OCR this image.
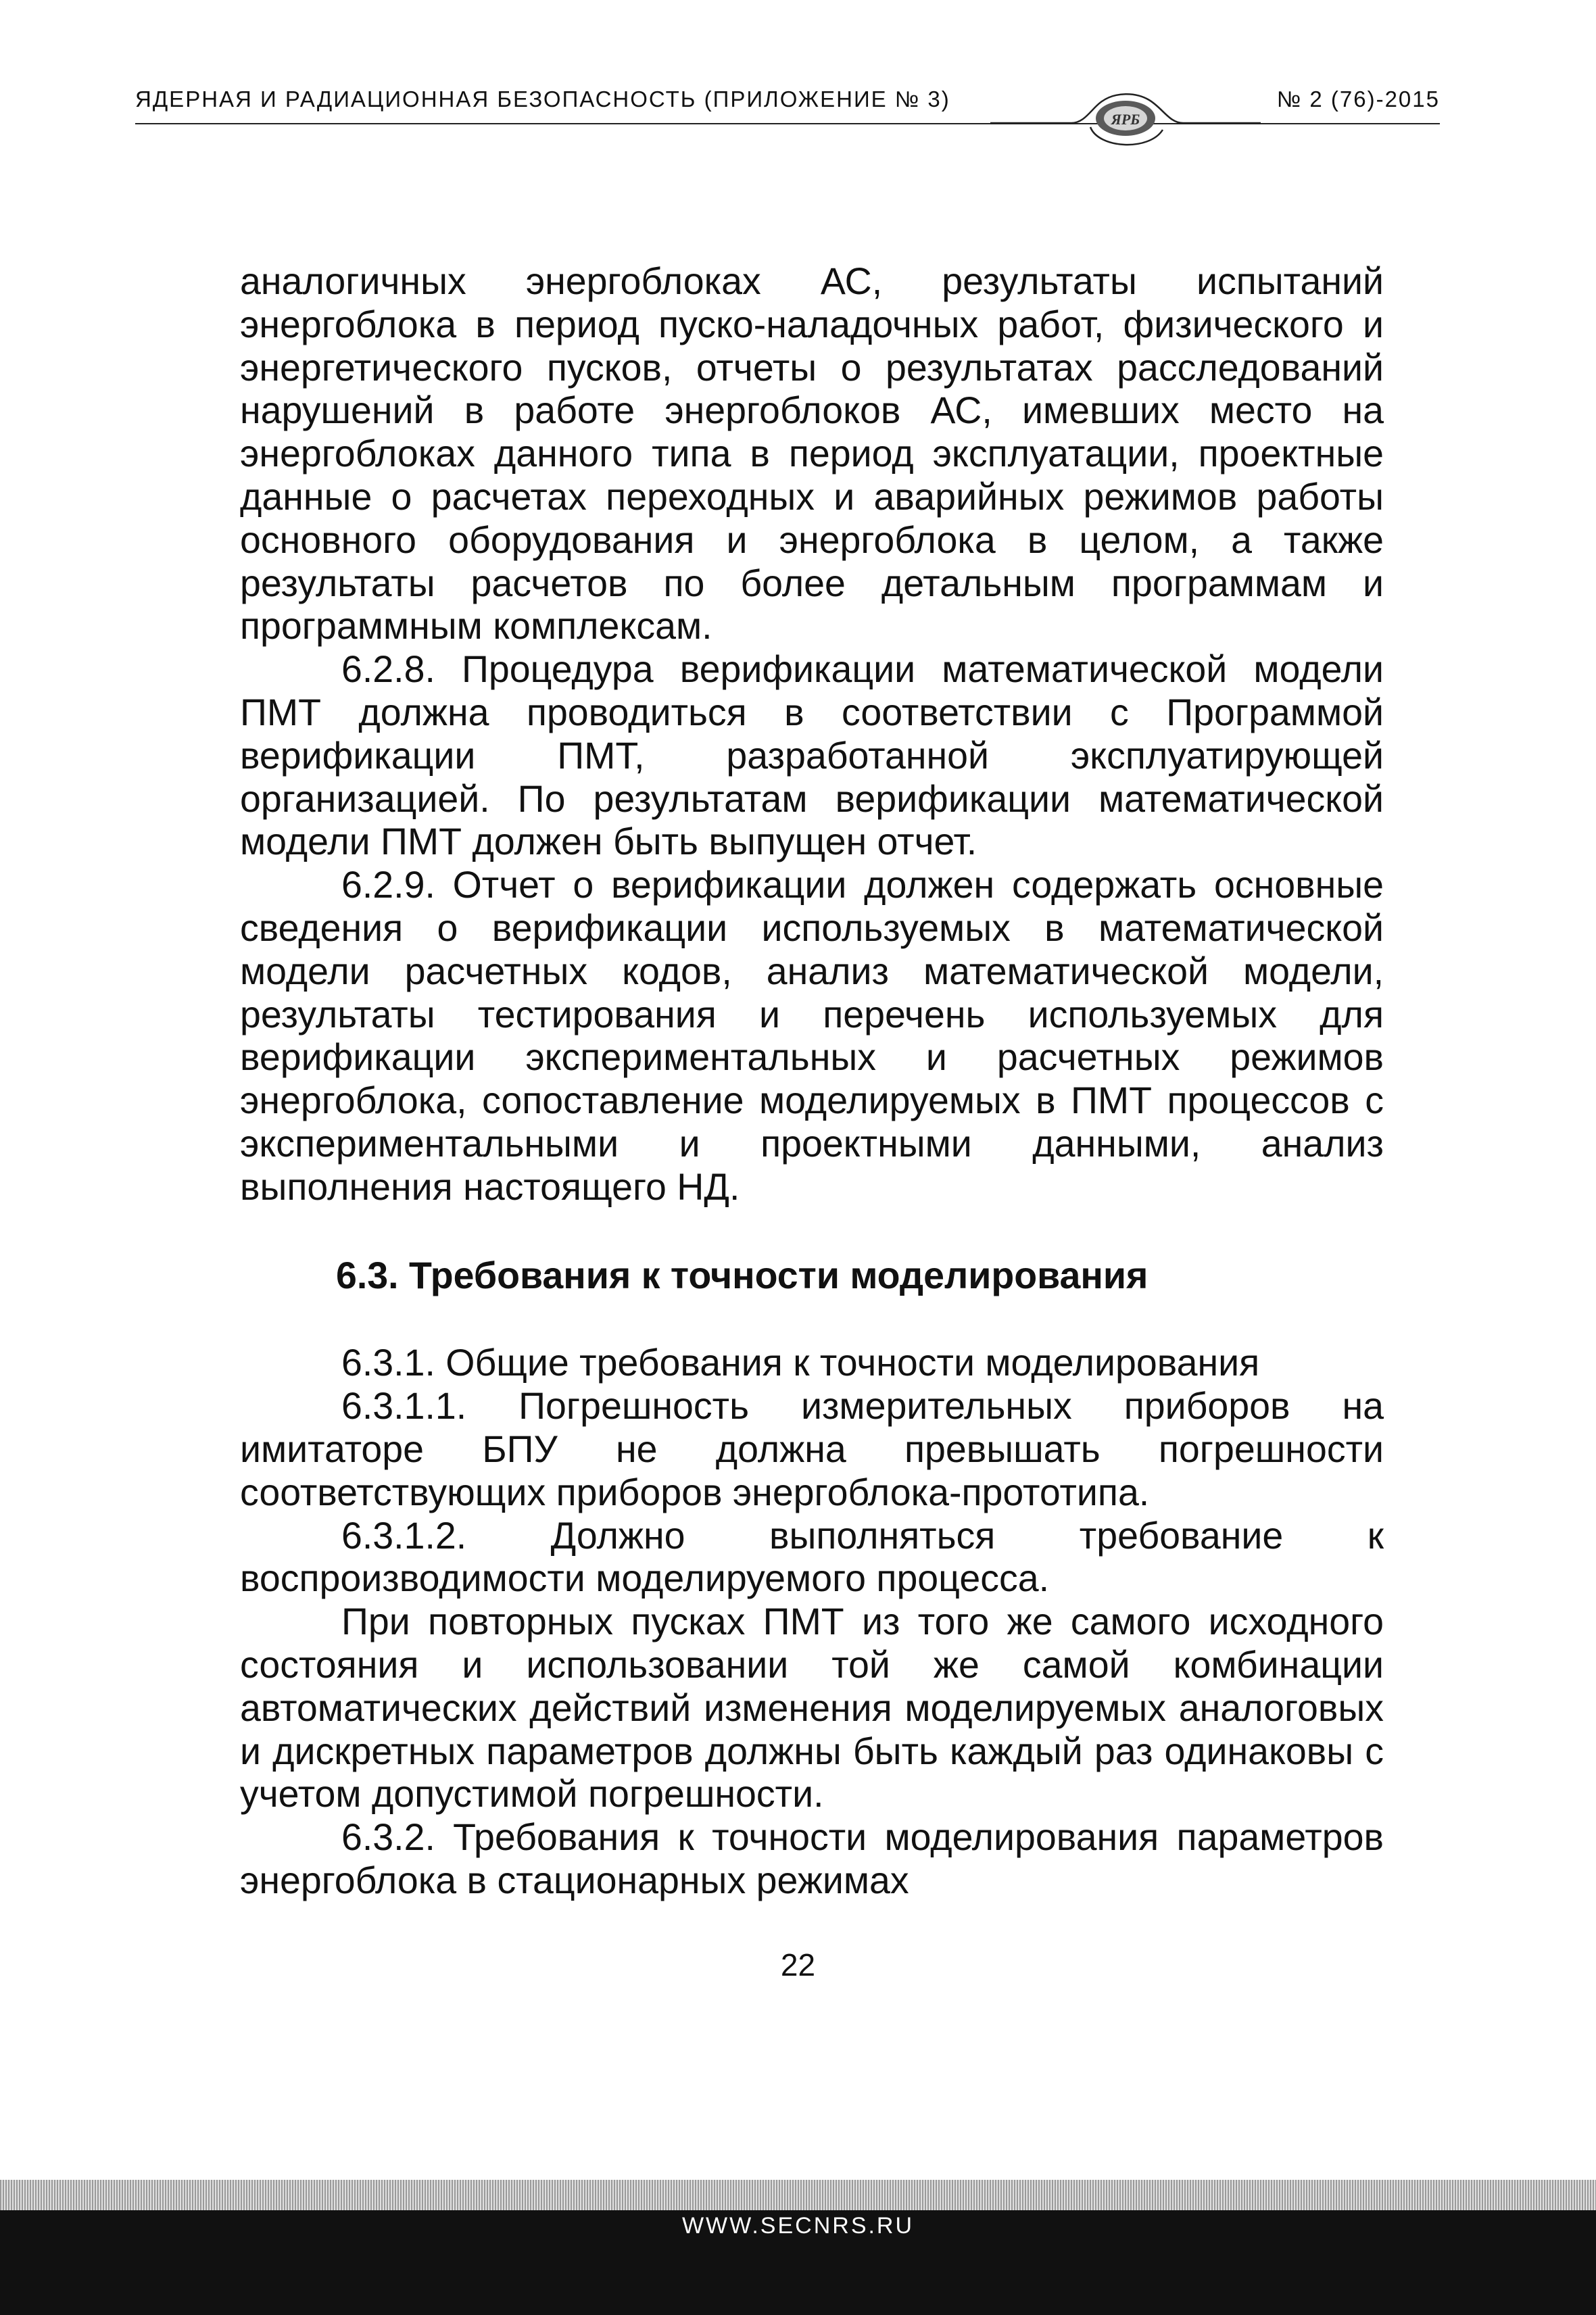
ЯДЕРНАЯ И РАДИАЦИОННАЯ БЕЗОПАСНОСТЬ (ПРИЛОЖЕНИЕ № 3)	№ 2 (76)-2015
ЯРБ

аналогичных энергоблоках АС, результаты испытаний энергоблока в период пуско-наладочных работ, физического и энергетического пусков, отчеты о результатах расследований нарушений в работе энергоблоков АС, имевших место на энергоблоках данного типа в период эксплуатации, проектные данные о расчетах переходных и аварийных режимов работы основного оборудования и энергоблока в целом, а также результаты расчетов по более детальным программам и программным комплексам.

6.2.8. Процедура верификации математической модели ПМТ должна проводиться в соответствии с Программой верификации ПМТ, разработанной эксплуатирующей организацией. По результатам верификации математической модели ПМТ должен быть выпущен отчет.

6.2.9. Отчет о верификации должен содержать основные сведения о верификации используемых в математической модели расчетных кодов, анализ математической модели, результаты тестирования и перечень используемых для верификации экспериментальных и расчетных режимов энергоблока, сопоставление моделируемых в ПМТ процессов с экспериментальными и проектными данными, анализ выполнения настоящего НД.

6.3. Требования к точности моделирования

6.3.1. Общие требования к точности моделирования

6.3.1.1. Погрешность измерительных приборов на имитаторе БПУ не должна превышать погрешности соответствующих приборов энергоблока-прототипа.

6.3.1.2. Должно выполняться требование к воспроизводимости моделируемого процесса.

При повторных пусках ПМТ из того же самого исходного состояния и использовании той же самой комбинации автоматических действий изменения моделируемых аналоговых и дискретных параметров должны быть каждый раз одинаковы с учетом допустимой погрешности.

6.3.2. Требования к точности моделирования параметров энергоблока в стационарных режимах

22
WWW.SECNRS.RU
